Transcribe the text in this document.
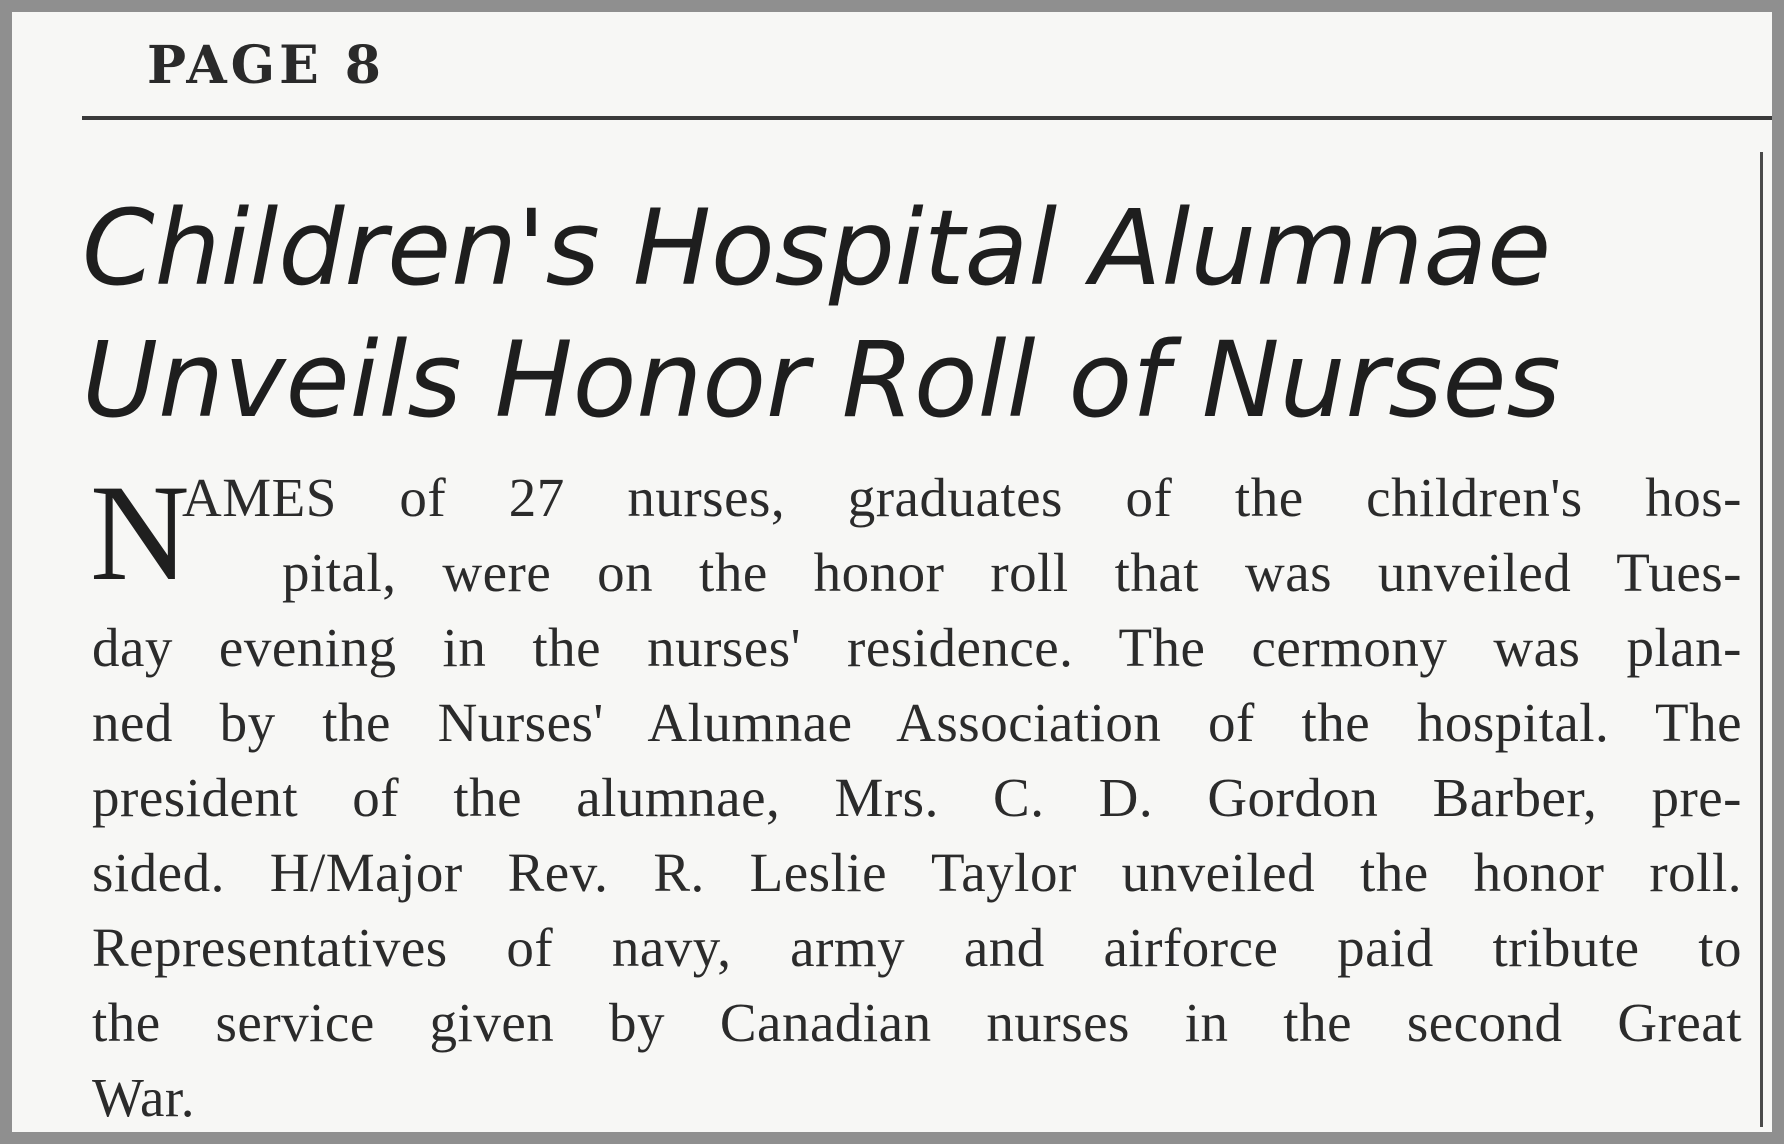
PAGE 8
Children's Hospital Alumnae
Unveils Honor Roll of Nurses
N
AMES of 27 nurses, graduates of the children's hos-
pital, were on the honor roll that was unveiled Tues-
day evening in the nurses' residence. The cermony was plan-
ned by the Nurses' Alumnae Association of the hospital. The
president of the alumnae, Mrs. C. D. Gordon Barber, pre-
sided. H/Major Rev. R. Leslie Taylor unveiled the honor roll.
Representatives of navy, army and airforce paid tribute to
the service given by Canadian nurses in the second Great
War.
